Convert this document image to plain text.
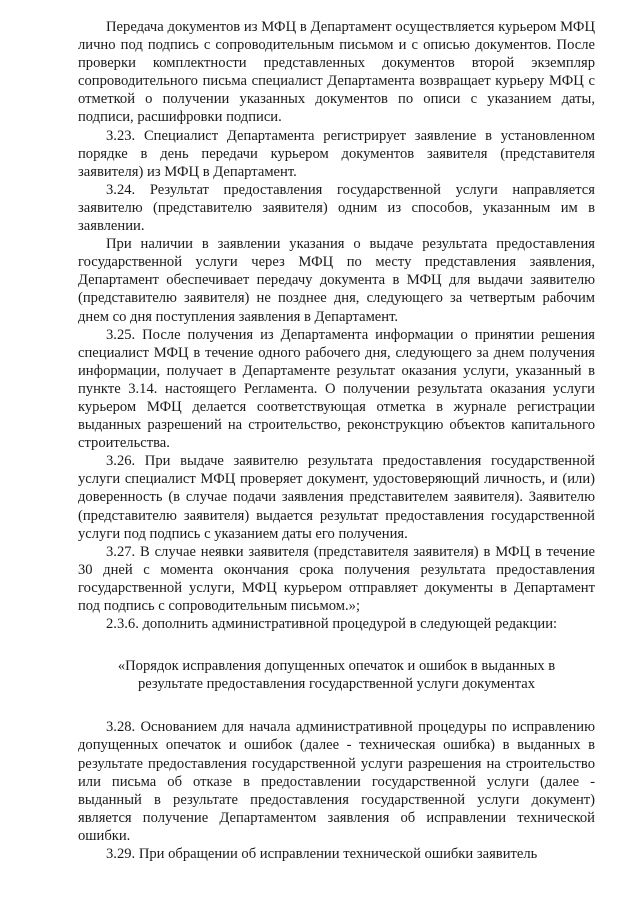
Передача документов из МФЦ в Департамент осуществляется курьером МФЦ лично под подпись с сопроводительным письмом и с описью документов. После проверки комплектности представленных документов второй экземпляр сопроводительного письма специалист Департамента возвращает курьеру МФЦ с отметкой о получении указанных документов по описи с указанием даты, подписи, расшифровки подписи.

3.23. Специалист Департамента регистрирует заявление в установленном порядке в день передачи курьером документов заявителя (представителя заявителя) из МФЦ в Департамент.

3.24. Результат предоставления государственной услуги направляется заявителю (представителю заявителя) одним из способов, указанным им в заявлении.

При наличии в заявлении указания о выдаче результата предоставления государственной услуги через МФЦ по месту представления заявления, Департамент обеспечивает передачу документа в МФЦ для выдачи заявителю (представителю заявителя) не позднее дня, следующего за четвертым рабочим днем со дня поступления заявления в Департамент.

3.25. После получения из Департамента информации о принятии решения специалист МФЦ в течение одного рабочего дня, следующего за днем получения информации, получает в Департаменте результат оказания услуги, указанный в пункте 3.14. настоящего Регламента. О получении результата оказания услуги курьером МФЦ делается соответствующая отметка в журнале регистрации выданных разрешений на строительство, реконструкцию объектов капитального строительства.

3.26. При выдаче заявителю результата предоставления государственной услуги специалист МФЦ проверяет документ, удостоверяющий личность, и (или) доверенность (в случае подачи заявления представителем заявителя). Заявителю (представителю заявителя) выдается результат предоставления государственной услуги под подпись с указанием даты его получения.

3.27. В случае неявки заявителя (представителя заявителя) в МФЦ в течение 30 дней с момента окончания срока получения результата предоставления государственной услуги, МФЦ курьером отправляет документы в Департамент под подпись с сопроводительным письмом.»;

2.3.6. дополнить административной процедурой в следующей редакции:

«Порядок исправления допущенных опечаток и ошибок в выданных в
результате предоставления государственной услуги документах

3.28. Основанием для начала административной процедуры по исправлению допущенных опечаток и ошибок (далее - техническая ошибка) в выданных в результате предоставления государственной услуги разрешения на строительство или письма об отказе в предоставлении государственной услуги (далее - выданный в результате предоставления государственной услуги документ) является получение Департаментом заявления об исправлении технической ошибки.

3.29. При обращении об исправлении технической ошибки заявитель
